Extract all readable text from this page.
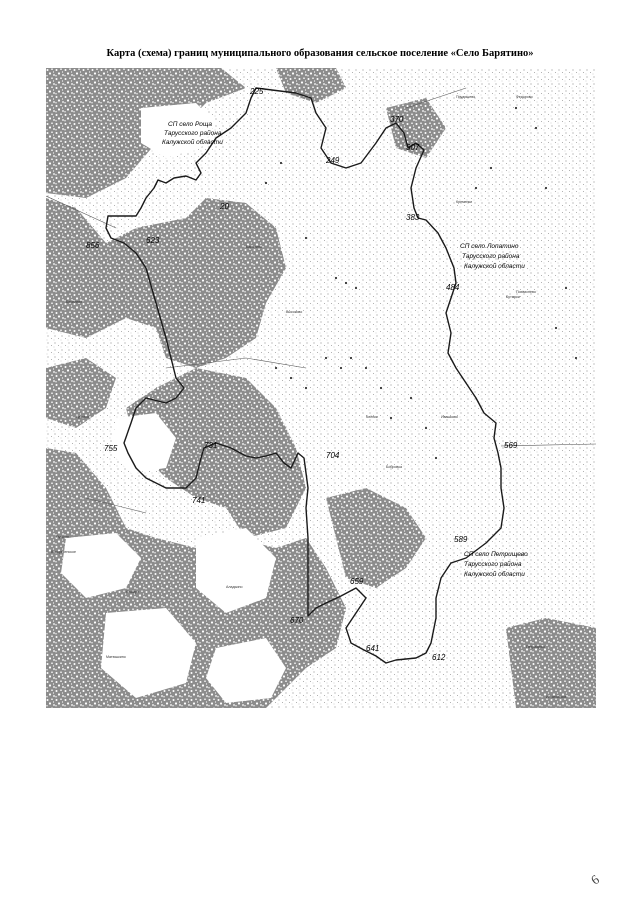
Карта (схема) границ муниципального образования сельское поселение «Село Барятино»
Прудишево	Федорово
Кременки
Похвиснево
Бутырки
Барятино
Высоково
Клёнки	Ивашково
Бобровка
Бебелево
Гуркино
Пушкино
Воскресенское
Кашира
Петрищево
Игнатовское
Аладьино
Матюшкино
225
370
307
249
20
383
623
856
484
569
755	731
704
741
589
659
670
641
612
СП село Роща
Тарусского района
Калужской области
СП село Лопатино
Тарусского района
Калужской области
СП село Петрищево
Тарусского района
Калужской области
6
